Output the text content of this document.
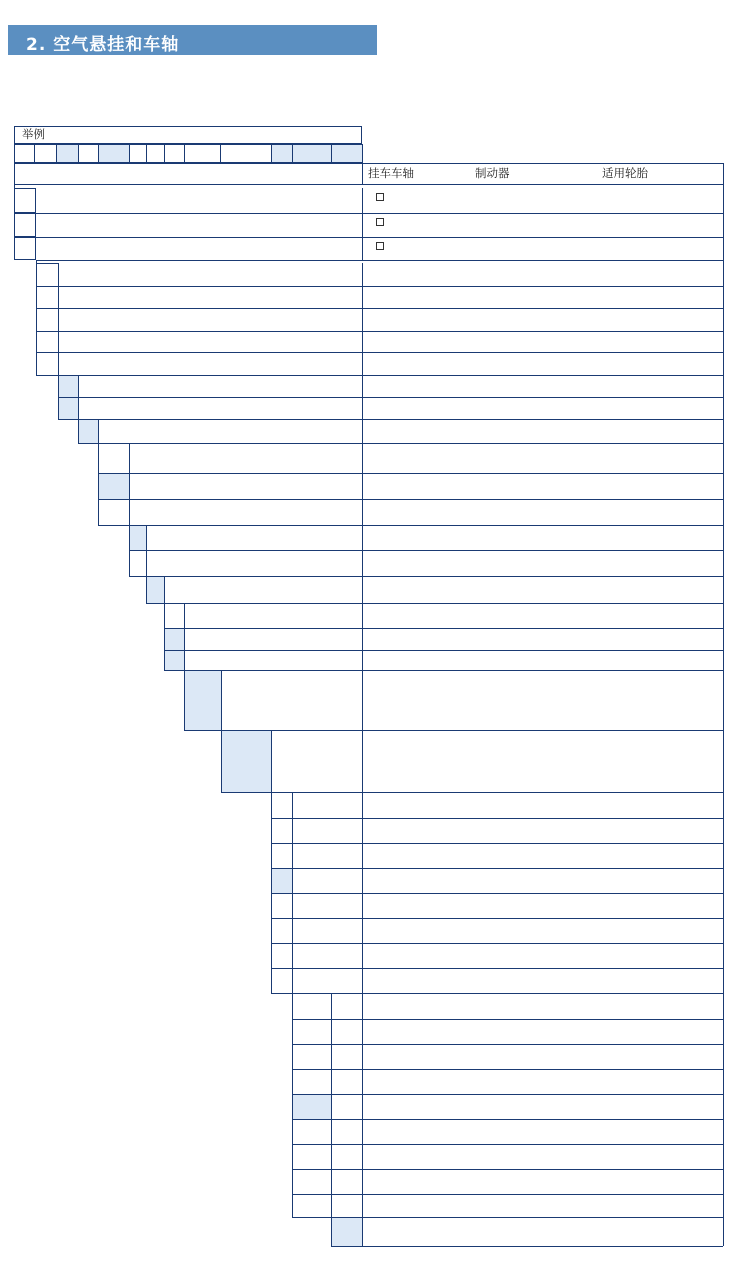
2. 空气悬挂和车轴
举例
挂车车轴	制动器	适用轮胎
